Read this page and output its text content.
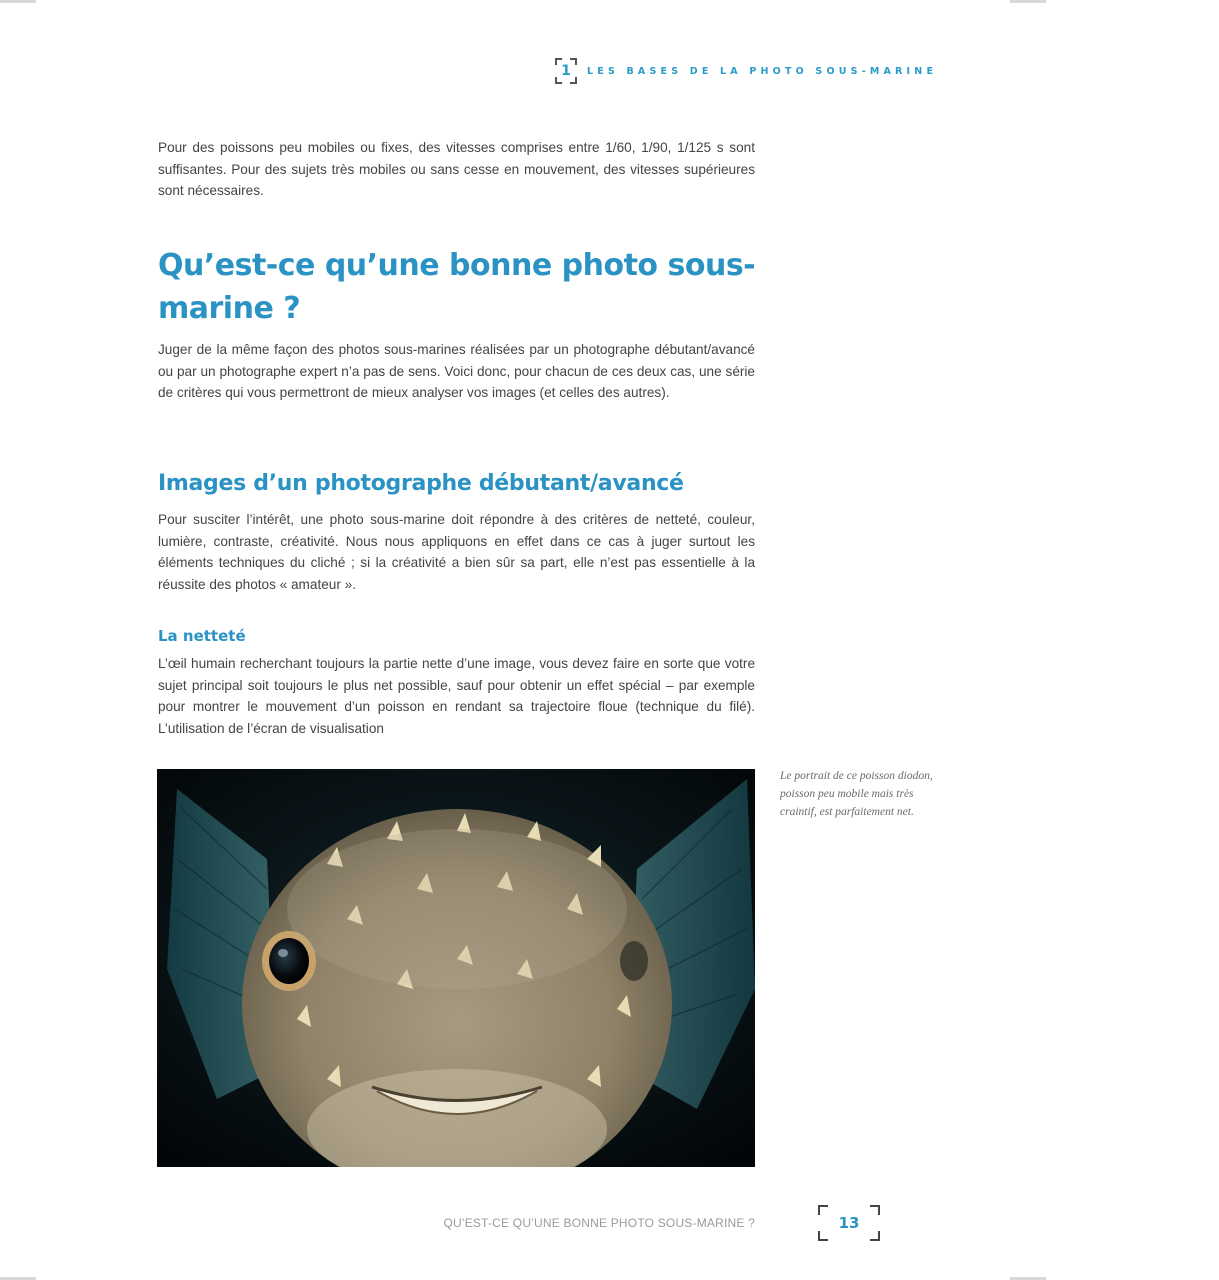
1 LES BASES DE LA PHOTO SOUS-MARINE

Pour des poissons peu mobiles ou fixes, des vitesses comprises entre 1/60, 1/90, 1/125 s sont suffisantes. Pour des sujets très mobiles ou sans cesse en mouvement, des vitesses supérieures sont nécessaires.

Qu’est-ce qu’une bonne photo sous-marine ?

Juger de la même façon des photos sous-marines réalisées par un photographe débutant/avancé ou par un photographe expert n’a pas de sens. Voici donc, pour chacun de ces deux cas, une série de critères qui vous permettront de mieux analyser vos images (et celles des autres).

Images d’un photographe débutant/avancé

Pour susciter l’intérêt, une photo sous-marine doit répondre à des critères de netteté, couleur, lumière, contraste, créativité. Nous nous appliquons en effet dans ce cas à juger surtout les éléments techniques du cliché ; si la créativité a bien sûr sa part, elle n’est pas essentielle à la réussite des photos « amateur ».

La netteté

L’œil humain recherchant toujours la partie nette d’une image, vous devez faire en sorte que votre sujet principal soit toujours le plus net possible, sauf pour obtenir un effet spécial – par exemple pour montrer le mouvement d’un poisson en rendant sa trajectoire floue (technique du filé). L’utilisation de l’écran de visualisation

Le portrait de ce poisson diodon, poisson peu mobile mais très craintif, est parfaitement net.

QU’EST-CE QU’UNE BONNE PHOTO SOUS-MARINE ?	13
